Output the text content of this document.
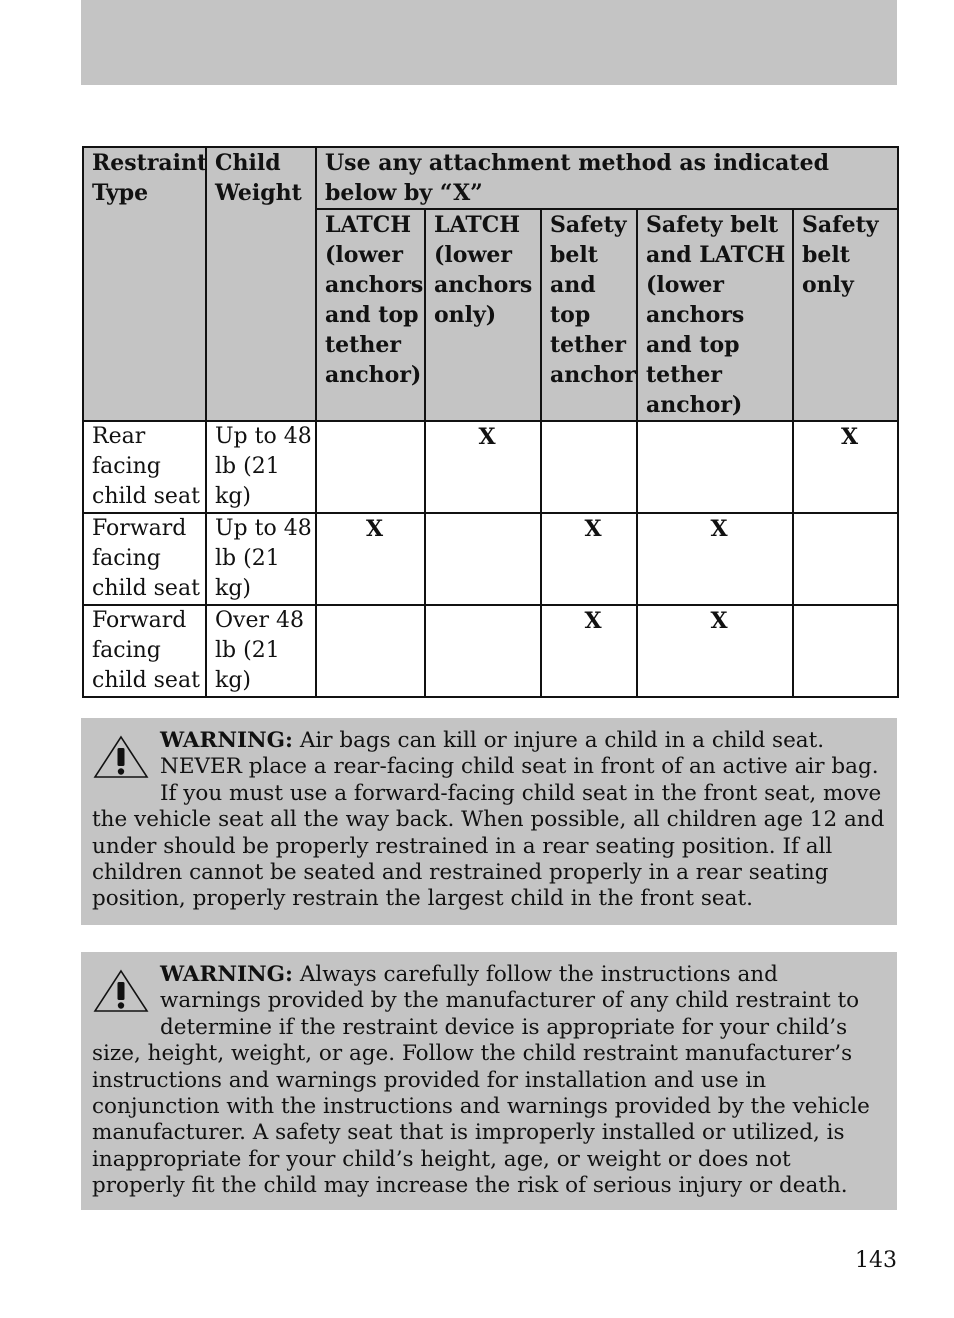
Restraint Type	Child Weight	Use any attachment method as indicated below by “X”				
		LATCH (lower anchors and top tether anchor)	LATCH (lower anchors only)	Safety belt and top tether anchor	Safety belt and LATCH (lower anchors and top tether anchor)	Safety belt only
Rear facing child seat	Up to 48 lb (21 kg)		X			X
Forward facing child seat	Up to 48 lb (21 kg)	X		X	X	
Forward facing child seat	Over 48 lb (21 kg)			X	X	
WARNING: Air bags can kill or injure a child in a child seat. NEVER place a rear-facing child seat in front of an active air bag. If you must use a forward-facing child seat in the front seat, move the vehicle seat all the way back. When possible, all children age 12 and under should be properly restrained in a rear seating position. If all children cannot be seated and restrained properly in a rear seating position, properly restrain the largest child in the front seat.
WARNING: Always carefully follow the instructions and warnings provided by the manufacturer of any child restraint to determine if the restraint device is appropriate for your child’s size, height, weight, or age. Follow the child restraint manufacturer’s instructions and warnings provided for installation and use in conjunction with the instructions and warnings provided by the vehicle manufacturer. A safety seat that is improperly installed or utilized, is inappropriate for your child’s height, age, or weight or does not properly fit the child may increase the risk of serious injury or death.
143
